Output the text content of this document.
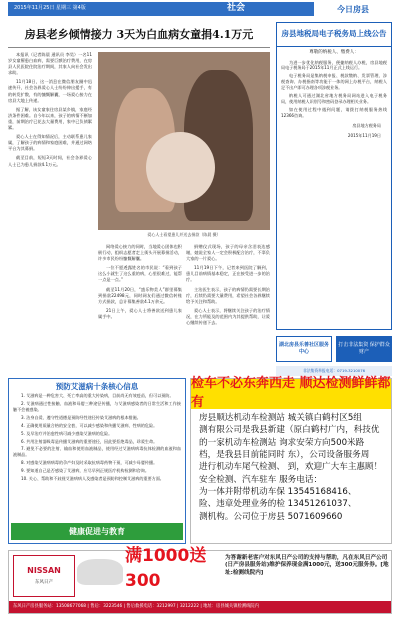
2015年11月25日 星期三 第4版	社会	今日房县
房县老乡倾情接力 3天为白血病女童捐4.1万元

本报讯（记者陈晨 通讯员 李昊）一名11岁女童罹患白血病，需要巨额治疗费用，在房县人民医院住院治疗期间，其家人向社会发出求助。

11月18日，这一消息在微信朋友圈中迅速传开，社会各界爱心人士纷纷伸出援手，有的转发扩散，有的慷慨解囊，一场爱心接力在房县大地上传递。

据了解，该女童家住房县某乡镇，家庭经济条件困难。自今年以来，孩子的病情不断加重，前期治疗已花去大量费用，家中已负债累累。

爱心人士在得知情况后，主动联系患儿家属，了解孩子的病情和家庭困难，并通过网络平台为其募捐。

截至目前，短短3天时间，社会各界爱心人士已为患儿捐款4.1万元。

爱心人士看望患儿并送去捐款（陈晨 摄）

网络爱心接力的同时，当地爱心团体也积极行动，组织志愿者走上街头开展募捐活动，许多市民纷纷慷慨解囊。

一位不愿透露姓名的市民说：“看到孩子这么小就生了这么重的病，心里很难过，能帮一点是一点。”

截至11月20日，“盛乐物美人”群里募集到捐款22498元，同时网友们通过微信转账方式捐款，总计募集善款4.1万余元。

21日上午，爱心人士将善款送到患儿家属手中。

捐赠仪式现场，孩子的母亲含泪表达感谢，她说全家人一定会积极配合治疗，不辜负大家的一片爱心。

11月19日下午，记者来到医院了解到，患儿目前病情基本稳定，正在接受进一步的治疗。

主治医生表示，孩子的病情仍需要长期治疗，后续仍需要大量费用，希望社会各界继续给予关注和帮助。

爱心人士表示，将继续关注孩子的治疗情况，在力所能及的范围内为其提供帮助，让爱心继续传递下去。

房县地税局电子税务局上线公告
尊敬的纳税人、缴费人：

为进一步优化纳税服务，便捷纳税人办税，房县地税局电子税务局于2015年11月正式上线运行。

电子税务局是集纳税申报、税款缴纳、发票管理、涉税查询、办税指南等功能于一体的网上办税平台，纳税人足不出户即可办理各项涉税业务。

纳税人可通过湖北省地方税务局网站进入电子税务局，使用纳税人识别号和密码登录办理相关业务。

如在使用过程中遇到问题，请拨打纳税服务热线12366咨询。

房县地方税务局
2015年11月19日
湖北房县乐善社区服务中心
打击非法集资 保护群众财产
非法集资举报电话：0719-3210076
预防艾滋病十条核心信息

1. 艾滋病是一种危害大、死亡率高的重大传染病，目前尚无有效疫苗，但可以预防。

2. 艾滋病通过性接触、血液和母婴三种途径传播，与艾滋病感染者的日常生活和工作接触不会被感染。

3. 洁身自爱、遵守性道德是预防经性途径传染艾滋病的根本措施。

4. 正确使用质量合格的安全套，可以减少感染和传播艾滋病、性病的危险。

5. 及早治疗并治愈性病可减少感染艾滋病的危险。

6. 共用注射器吸毒是传播艾滋病的重要途径，因此要拒绝毒品，珍爱生命。

7. 避免不必要的注射、输血和使用血液制品，使用经过艾滋病病毒抗体检测的血液和血液制品。

8. 对感染艾滋病病毒的孕产妇及时采取抗病毒药物干预，可减少母婴传播。

9. 要知道自己是否感染了艾滋病，应尽早到正规医疗机构检测和咨询。

10. 关心、帮助和不歧视艾滋病病人及感染者是预防和控制艾滋病的重要方面。

健康促进与教育
检车不必东奔西走 顺达检测鲜鲜都有

房县顺达机动车检测站 城关镇白鹤村区5组

测有限公司是我县新建（原白鹤村广内，科技优

的一家机动车检测站 询求安荣方向500米路

档，是我县目前能同时 东），公司设备服务周

进行机动车尾气检测、 到，欢迎广大车主惠顾！

安全检测、汽车驻车 服务电话：

为一体并附带机动车保 13545168416、

险、违章处理业务的检 13451261037、

测机构。公司位于房县 5071609660

NISSAN
东风日产
满1000送300
为答谢新老客户对东风日产公司的支持与帮助，凡在东风日产公司(日产房县服务站)维护保养现金满1000元，送300元服务券。[地址:检测线院内]
东风日产房县服务站：13508677068 | 售后：3223546 | 售后救援电话：3212997 | 3212222 | 地址：房县城关镇检测线院内
